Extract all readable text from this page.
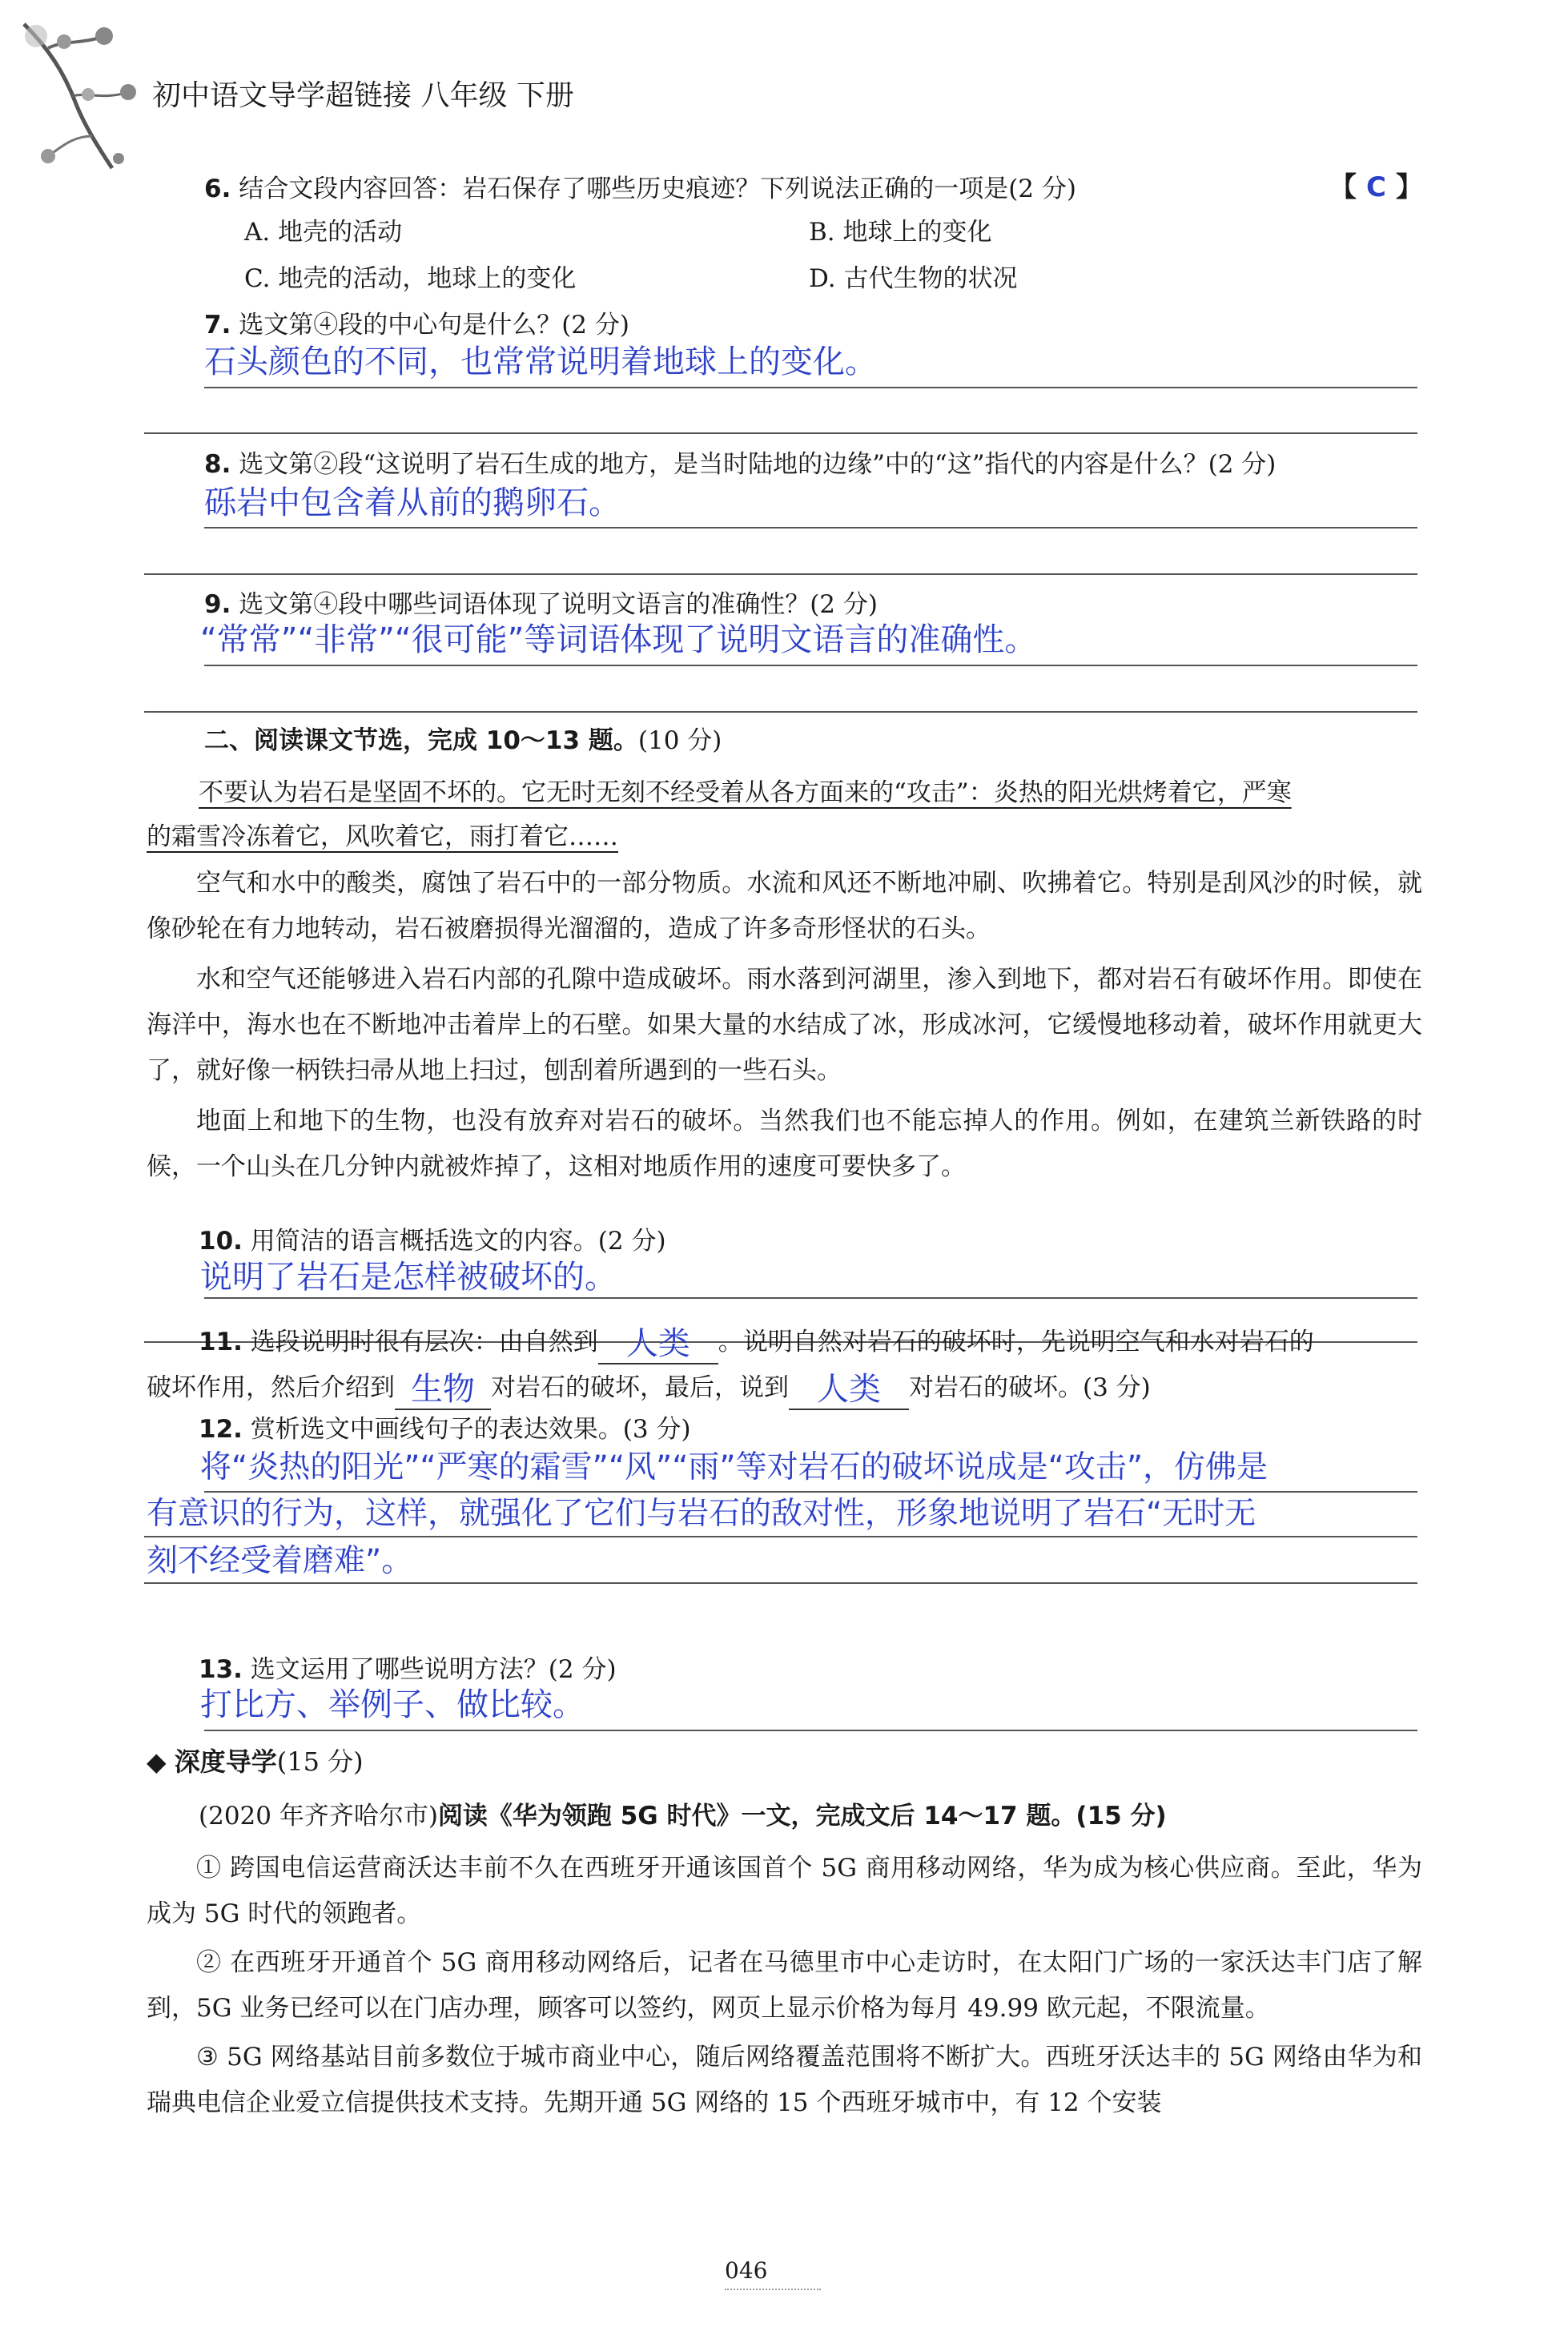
初中语文导学超链接 八年级 下册
6. 结合文段内容回答：岩石保存了哪些历史痕迹？下列说法正确的一项是(2 分)	【 C 】
A. 地壳的活动	B. 地球上的变化
C. 地壳的活动，地球上的变化	D. 古代生物的状况
7. 选文第④段的中心句是什么？(2 分)
石头颜色的不同，也常常说明着地球上的变化。
8. 选文第②段“这说明了岩石生成的地方，是当时陆地的边缘”中的“这”指代的内容是什么？(2 分)
砾岩中包含着从前的鹅卵石。
9. 选文第④段中哪些词语体现了说明文语言的准确性？(2 分)
“常常”“非常”“很可能”等词语体现了说明文语言的准确性。
二、阅读课文节选，完成 10～13 题。(10 分)
不要认为岩石是坚固不坏的。它无时无刻不经受着从各方面来的“攻击”：炎热的阳光烘烤着它，严寒
的霜雪冷冻着它，风吹着它，雨打着它……

空气和水中的酸类，腐蚀了岩石中的一部分物质。水流和风还不断地冲刷、吹拂着它。特别是刮风沙的时候，就像砂轮在有力地转动，岩石被磨损得光溜溜的，造成了许多奇形怪状的石头。

水和空气还能够进入岩石内部的孔隙中造成破坏。雨水落到河湖里，渗入到地下，都对岩石有破坏作用。即使在海洋中，海水也在不断地冲击着岸上的石壁。如果大量的水结成了冰，形成冰河，它缓慢地移动着，破坏作用就更大了，就好像一柄铁扫帚从地上扫过，刨刮着所遇到的一些石头。

地面上和地下的生物，也没有放弃对岩石的破坏。当然我们也不能忘掉人的作用。例如，在建筑兰新铁路的时候，一个山头在几分钟内就被炸掉了，这相对地质作用的速度可要快多了。

10. 用简洁的语言概括选文的内容。(2 分)
说明了岩石是怎样被破坏的。
11. 选段说明时很有层次：由自然到 人类	。说明自然对岩石的破坏时，先说明空气和水对岩石的
破坏作用，然后介绍到 生物 对岩石的破坏，最后，说到 人类	对岩石的破坏。(3 分)
12. 赏析选文中画线句子的表达效果。(3 分)
将“炎热的阳光”“严寒的霜雪”“风”“雨”等对岩石的破坏说成是“攻击”，仿佛是
有意识的行为，这样，就强化了它们与岩石的敌对性，形象地说明了岩石“无时无
刻不经受着磨难”。
13. 选文运用了哪些说明方法？(2 分)
打比方、举例子、做比较。
◆ 深度导学(15 分)
(2020 年齐齐哈尔市)阅读《华为领跑 5G 时代》一文，完成文后 14～17 题。(15 分)

① 跨国电信运营商沃达丰前不久在西班牙开通该国首个 5G 商用移动网络，华为成为核心供应商。至此，华为成为 5G 时代的领跑者。

② 在西班牙开通首个 5G 商用移动网络后，记者在马德里市中心走访时，在太阳门广场的一家沃达丰门店了解到，5G 业务已经可以在门店办理，顾客可以签约，网页上显示价格为每月 49.99 欧元起，不限流量。

③ 5G 网络基站目前多数位于城市商业中心，随后网络覆盖范围将不断扩大。西班牙沃达丰的 5G 网络由华为和瑞典电信企业爱立信提供技术支持。先期开通 5G 网络的 15 个西班牙城市中，有 12 个安装

046
